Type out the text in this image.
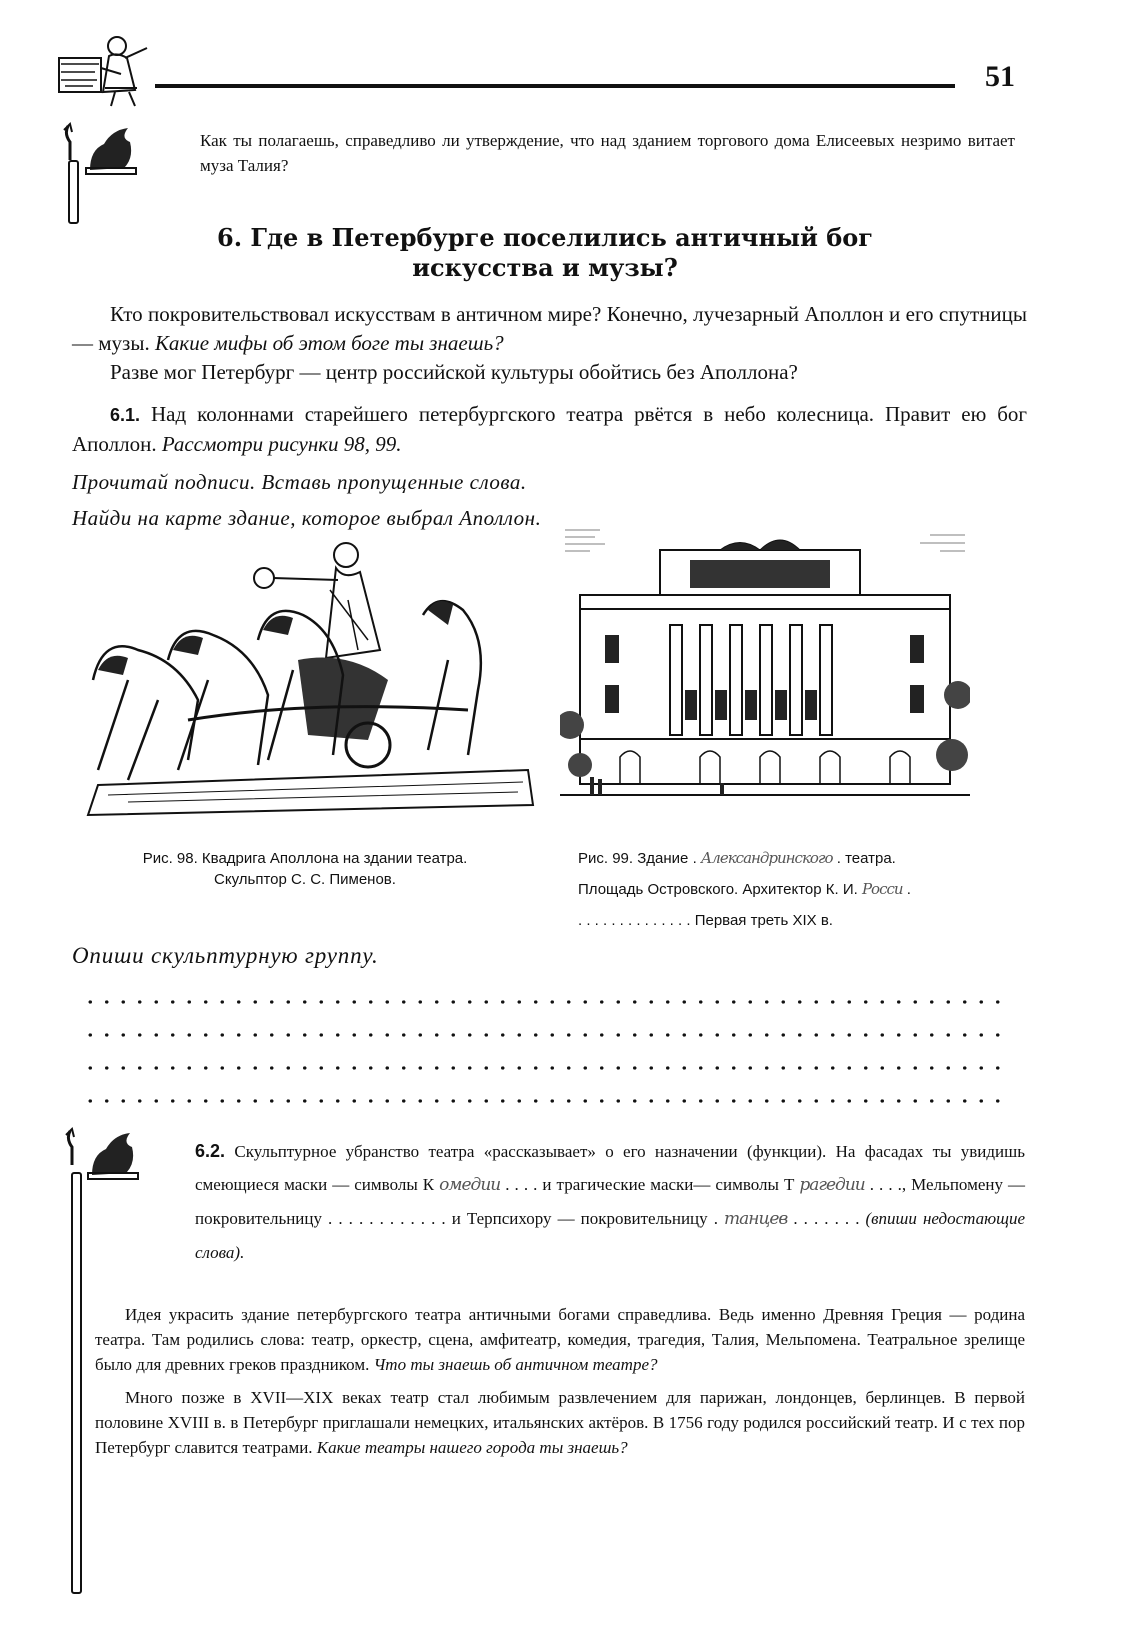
51
Как ты полагаешь, справедливо ли утверждение, что над зданием торгового дома Елисеевых незримо витает муза Талия?
6. Где в Петербурге поселились античный бог
искусства и музы?

Кто покровительствовал искусствам в античном мире? Конечно, лучезарный Аполлон и его спутницы — музы. Какие мифы об этом боге ты знаешь?

Разве мог Петербург — центр российской культуры обойтись без Аполлона?

6.1. Над колоннами старейшего петербургского театра рвётся в небо колесница. Правит ею бог Аполлон. Рассмотри рисунки 98, 99.

Прочитай подписи. Вставь пропущенные слова.
Найди на карте здание, которое выбрал Аполлон.
Рис. 98. Квадрига Аполлона на здании театра.
Скульптор С. С. Пименов.
Рис. 99. Здание . Александринского . театра.
Площадь Островского. Архитектор К. И. Росси .
. . . . . . . . . . . . . . Первая треть XIX в.
Опиши скульптурную группу.

6.2. Скульптурное убранство театра «рассказывает» о его назначении (функции). На фасадах ты увидишь смеющиеся маски — символы К омедии . . . . и трагические маски— символы Т рагедии . . . ., Мельпомену — покровительницу . . . . . . . . . . . . и Терпсихору — покровительницу . танцев . . . . . . . (впиши недостающие слова).

Идея украсить здание петербургского театра античными богами справедлива. Ведь именно Древняя Греция — родина театра. Там родились слова: театр, оркестр, сцена, амфитеатр, комедия, трагедия, Талия, Мельпомена. Театральное зрелище было для древних греков праздником. Что ты знаешь об античном театре?

Много позже в XVII—XIX веках театр стал любимым развлечением для парижан, лондонцев, берлинцев. В первой половине XVIII в. в Петербург приглашали немецких, итальянских актёров. В 1756 году родился российский театр. И с тех пор Петербург славится театрами. Какие театры нашего города ты знаешь?
